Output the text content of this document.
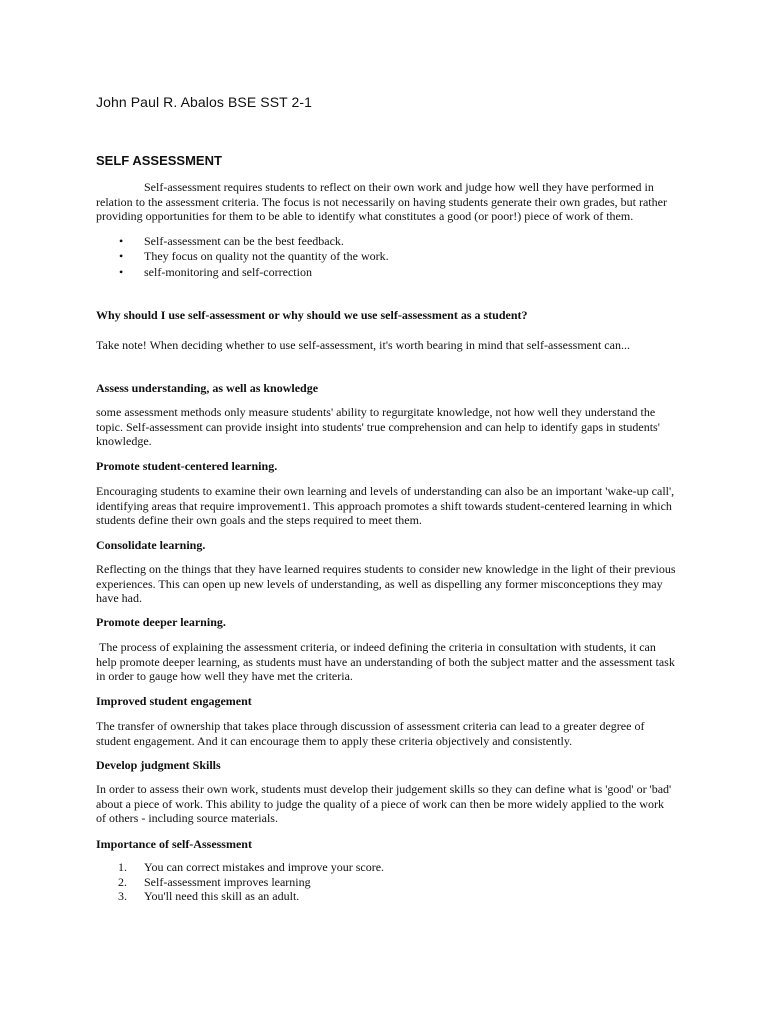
John Paul R. Abalos BSE SST 2-1
SELF ASSESSMENT

Self-assessment requires students to reflect on their own work and judge how well they have performed in relation to the assessment criteria. The focus is not necessarily on having students generate their own grades, but rather providing opportunities for them to be able to identify what constitutes a good (or poor!) piece of work of them.

• Self-assessment can be the best feedback.
• They focus on quality not the quantity of the work.
• self-monitoring and self-correction
Why should I use self-assessment or why should we use self-assessment as a student?

Take note! When deciding whether to use self-assessment, it's worth bearing in mind that self-assessment can...

Assess understanding, as well as knowledge

some assessment methods only measure students' ability to regurgitate knowledge, not how well they understand the topic. Self-assessment can provide insight into students' true comprehension and can help to identify gaps in students' knowledge.

Promote student-centered learning.

Encouraging students to examine their own learning and levels of understanding can also be an important 'wake-up call', identifying areas that require improvement1. This approach promotes a shift towards student-centered learning in which students define their own goals and the steps required to meet them.

Consolidate learning.

Reflecting on the things that they have learned requires students to consider new knowledge in the light of their previous experiences. This can open up new levels of understanding, as well as dispelling any former misconceptions they may have had.

Promote deeper learning.

The process of explaining the assessment criteria, or indeed defining the criteria in consultation with students, it can help promote deeper learning, as students must have an understanding of both the subject matter and the assessment task in order to gauge how well they have met the criteria.

Improved student engagement

The transfer of ownership that takes place through discussion of assessment criteria can lead to a greater degree of student engagement. And it can encourage them to apply these criteria objectively and consistently.

Develop judgment Skills

In order to assess their own work, students must develop their judgement skills so they can define what is 'good' or 'bad' about a piece of work. This ability to judge the quality of a piece of work can then be more widely applied to the work of others - including source materials.

Importance of self-Assessment
1. You can correct mistakes and improve your score.
2. Self-assessment improves learning
3. You'll need this skill as an adult.
